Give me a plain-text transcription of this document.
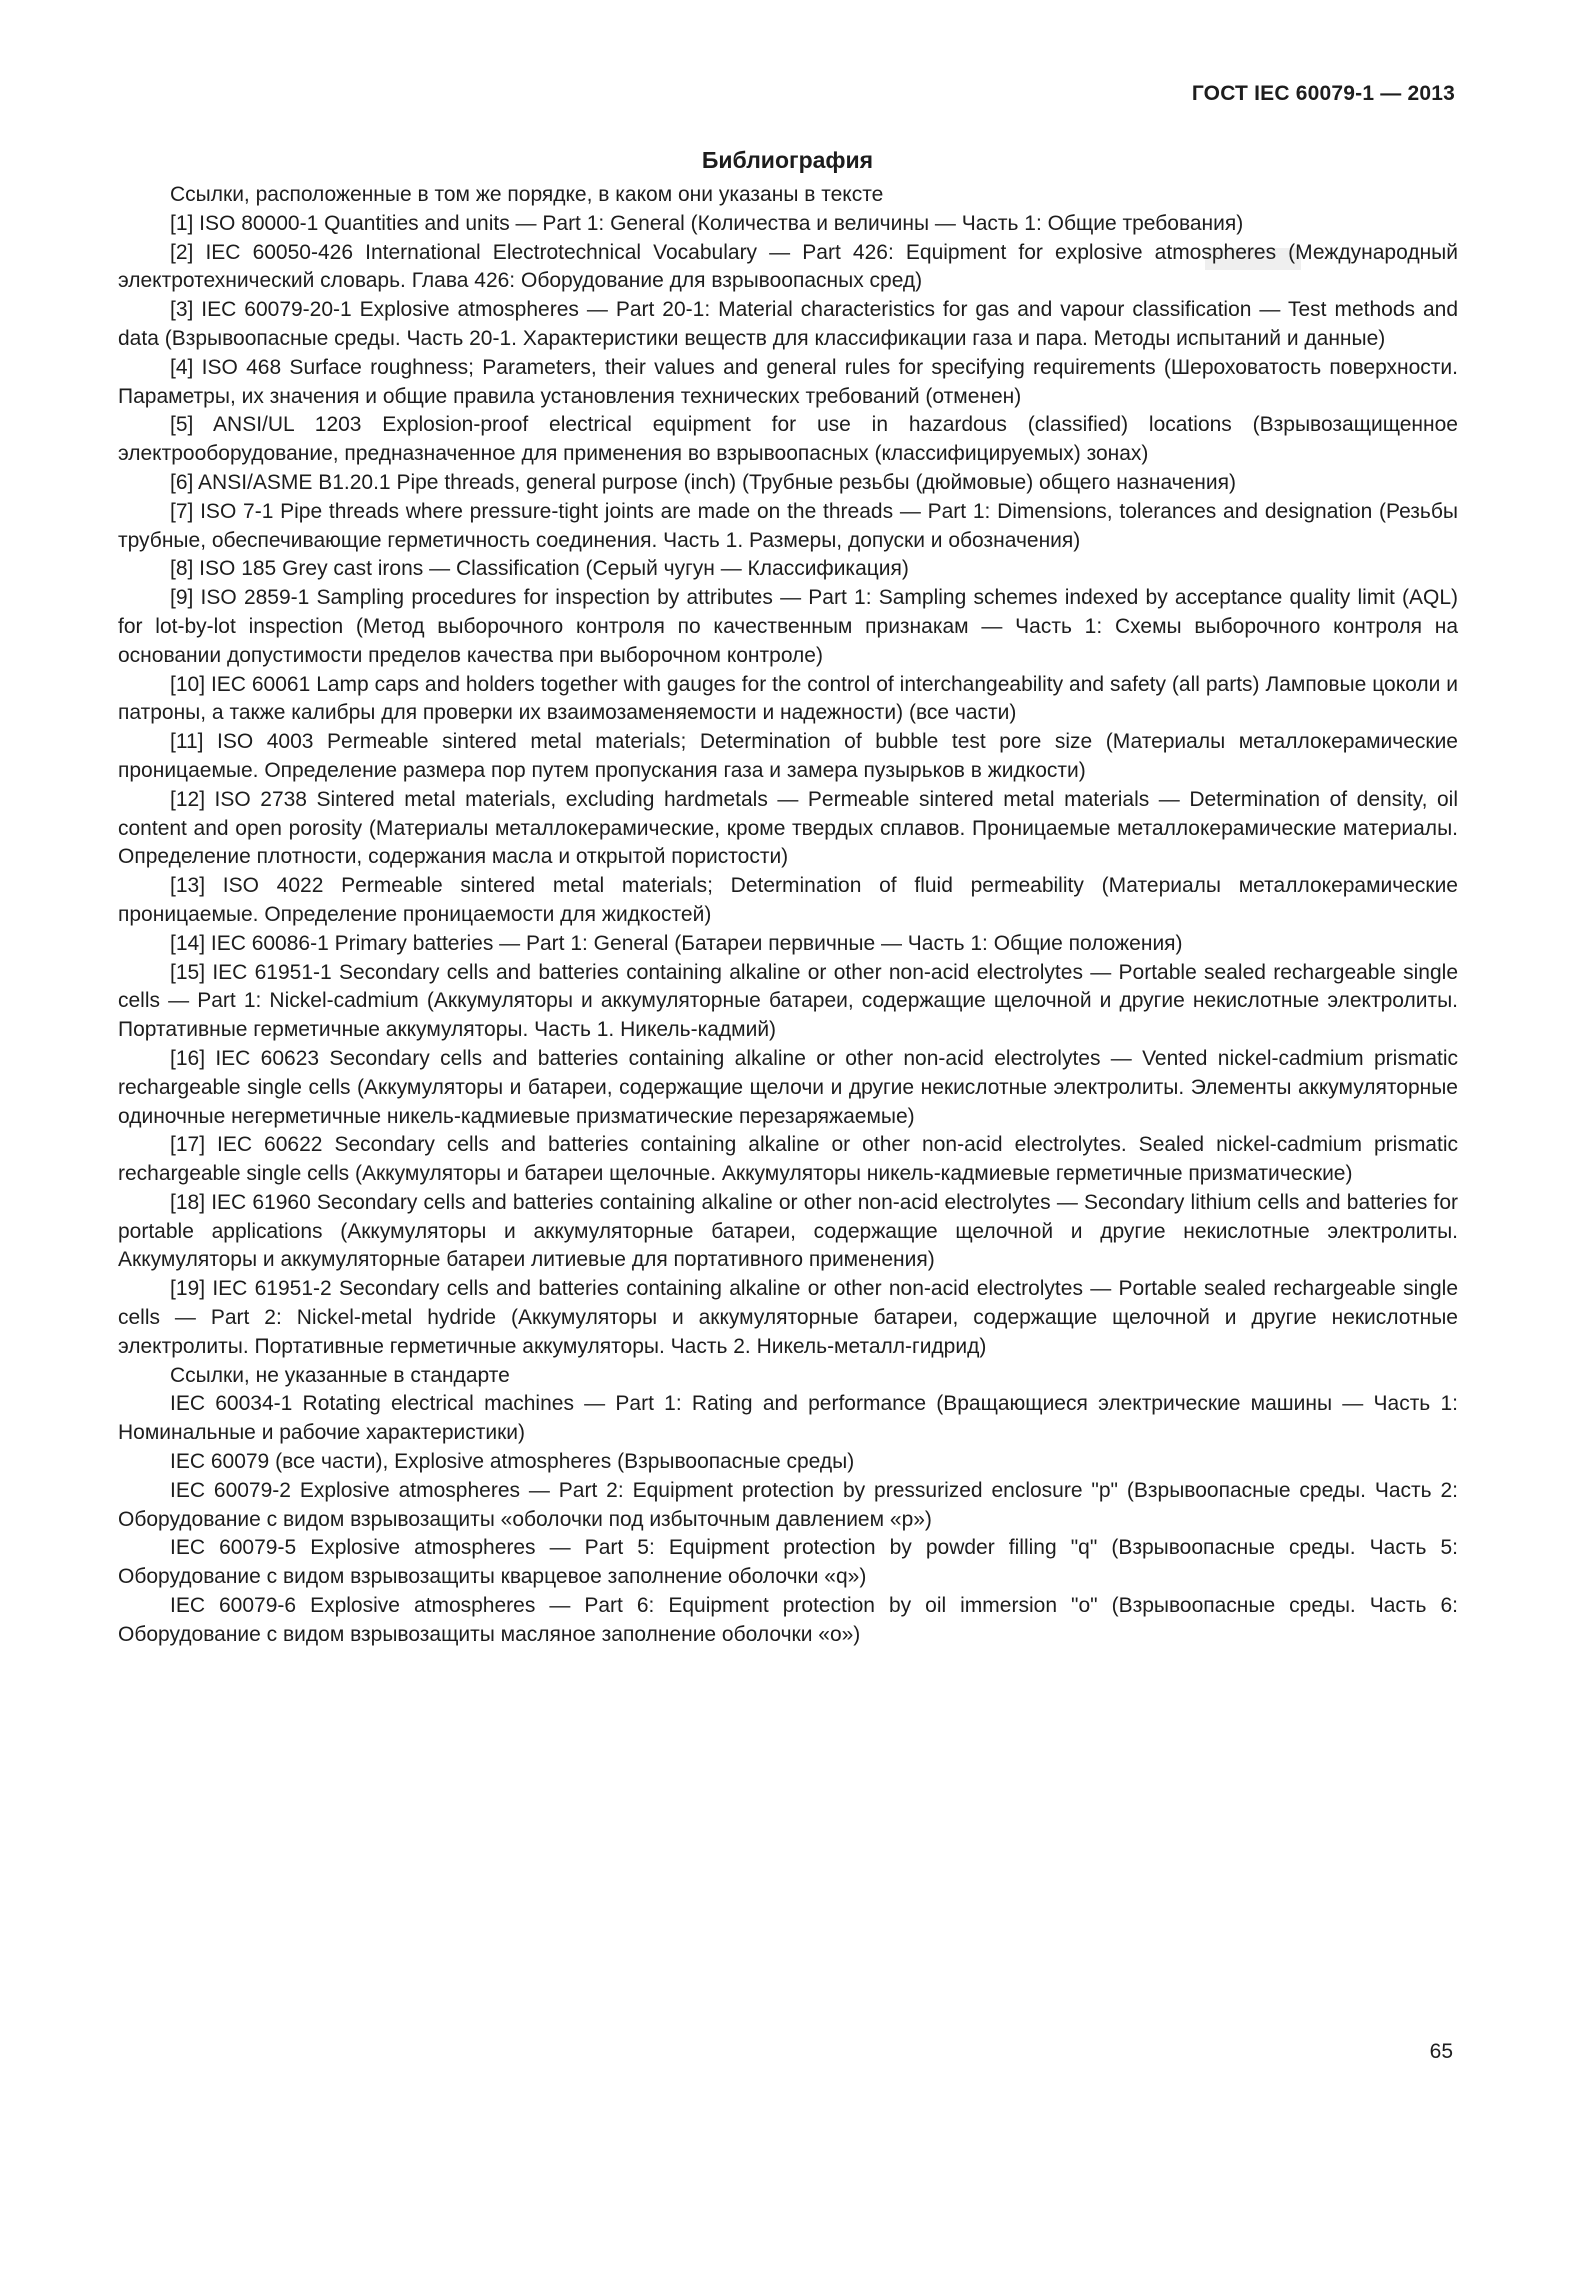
ГОСТ IEC 60079-1 — 2013
Библиография

Ссылки, расположенные в том же порядке, в каком они указаны в тексте

[1] ISO 80000-1 Quantities and units — Part 1: General (Количества и величины — Часть 1: Общие требования)

[2] IEC 60050-426 International Electrotechnical Vocabulary — Part 426: Equipment for explosive atmospheres (Международный электротехнический словарь. Глава 426: Оборудование для взрывоопасных сред)

[3] IEC 60079-20-1 Explosive atmospheres — Part 20-1: Material characteristics for gas and vapour classification — Test methods and data (Взрывоопасные среды. Часть 20-1. Характеристики веществ для классификации газа и пара. Методы испытаний и данные)

[4] ISO 468 Surface roughness; Parameters, their values and general rules for specifying requirements (Шероховатость поверхности. Параметры, их значения и общие правила установления технических требований (отменен)

[5] ANSI/UL 1203 Explosion-proof electrical equipment for use in hazardous (classified) locations (Взрывозащищенное электрооборудование, предназначенное для применения во взрывоопасных (классифицируемых) зонах)

[6] ANSI/ASME B1.20.1 Pipe threads, general purpose (inch) (Трубные резьбы (дюймовые) общего назначения)

[7] ISO 7-1 Pipe threads where pressure-tight joints are made on the threads — Part 1: Dimensions, tolerances and designation (Резьбы трубные, обеспечивающие герметичность соединения. Часть 1. Размеры, допуски и обозначения)

[8] ISO 185 Grey cast irons — Classification (Серый чугун — Классификация)

[9] ISO 2859-1 Sampling procedures for inspection by attributes — Part 1: Sampling schemes indexed by acceptance quality limit (AQL) for lot-by-lot inspection (Метод выборочного контроля по качественным признакам — Часть 1: Схемы выборочного контроля на основании допустимости пределов качества при выборочном контроле)

[10] IEC 60061 Lamp caps and holders together with gauges for the control of interchangeability and safety (all parts) Ламповые цоколи и патроны, а также калибры для проверки их взаимозаменяемости и надежности) (все части)

[11] ISO 4003 Permeable sintered metal materials; Determination of bubble test pore size (Материалы металлокерамические проницаемые. Определение размера пор путем пропускания газа и замера пузырьков в жидкости)

[12] ISO 2738 Sintered metal materials, excluding hardmetals — Permeable sintered metal materials — Determination of density, oil content and open porosity (Материалы металлокерамические, кроме твердых сплавов. Проницаемые металлокерамические материалы. Определение плотности, содержания масла и открытой пористости)

[13] ISO 4022 Permeable sintered metal materials; Determination of fluid permeability (Материалы металлокерамические проницаемые. Определение проницаемости для жидкостей)

[14] IEC 60086-1 Primary batteries — Part 1: General (Батареи первичные — Часть 1: Общие положения)

[15] IEC 61951-1 Secondary cells and batteries containing alkaline or other non-acid electrolytes — Portable sealed rechargeable single cells — Part 1: Nickel-cadmium (Аккумуляторы и аккумуляторные батареи, содержащие щелочной и другие некислотные электролиты. Портативные герметичные аккумуляторы. Часть 1. Никель-кадмий)

[16] IEC 60623 Secondary cells and batteries containing alkaline or other non-acid electrolytes — Vented nickel-cadmium prismatic rechargeable single cells (Аккумуляторы и батареи, содержащие щелочи и другие некислотные электролиты. Элементы аккумуляторные одиночные негерметичные никель-кадмиевые призматические перезаряжаемые)

[17] IEC 60622 Secondary cells and batteries containing alkaline or other non-acid electrolytes. Sealed nickel-cadmium prismatic rechargeable single cells (Аккумуляторы и батареи щелочные. Аккумуляторы никель-кадмиевые герметичные призматические)

[18] IEC 61960 Secondary cells and batteries containing alkaline or other non-acid electrolytes — Secondary lithium cells and batteries for portable applications (Аккумуляторы и аккумуляторные батареи, содержащие щелочной и другие некислотные электролиты. Аккумуляторы и аккумуляторные батареи литиевые для портативного применения)

[19] IEC 61951-2 Secondary cells and batteries containing alkaline or other non-acid electrolytes — Portable sealed rechargeable single cells — Part 2: Nickel-metal hydride (Аккумуляторы и аккумуляторные батареи, содержащие щелочной и другие некислотные электролиты. Портативные герметичные аккумуляторы. Часть 2. Никель-металл-гидрид)

Ссылки, не указанные в стандарте

IEC 60034-1 Rotating electrical machines — Part 1: Rating and performance (Вращающиеся электрические машины — Часть 1: Номинальные и рабочие характеристики)

IEC 60079 (все части), Explosive atmospheres (Взрывоопасные среды)

IEC 60079-2 Explosive atmospheres — Part 2: Equipment protection by pressurized enclosure "p" (Взрывоопасные среды. Часть 2: Оборудование с видом взрывозащиты «оболочки под избыточным давлением «р»)

IEC 60079-5 Explosive atmospheres — Part 5: Equipment protection by powder filling "q" (Взрывоопасные среды. Часть 5: Оборудование с видом взрывозащиты кварцевое заполнение оболочки «q»)

IEC 60079-6 Explosive atmospheres — Part 6: Equipment protection by oil immersion "o" (Взрывоопасные среды. Часть 6: Оборудование с видом взрывозащиты масляное заполнение оболочки «о»)

65
